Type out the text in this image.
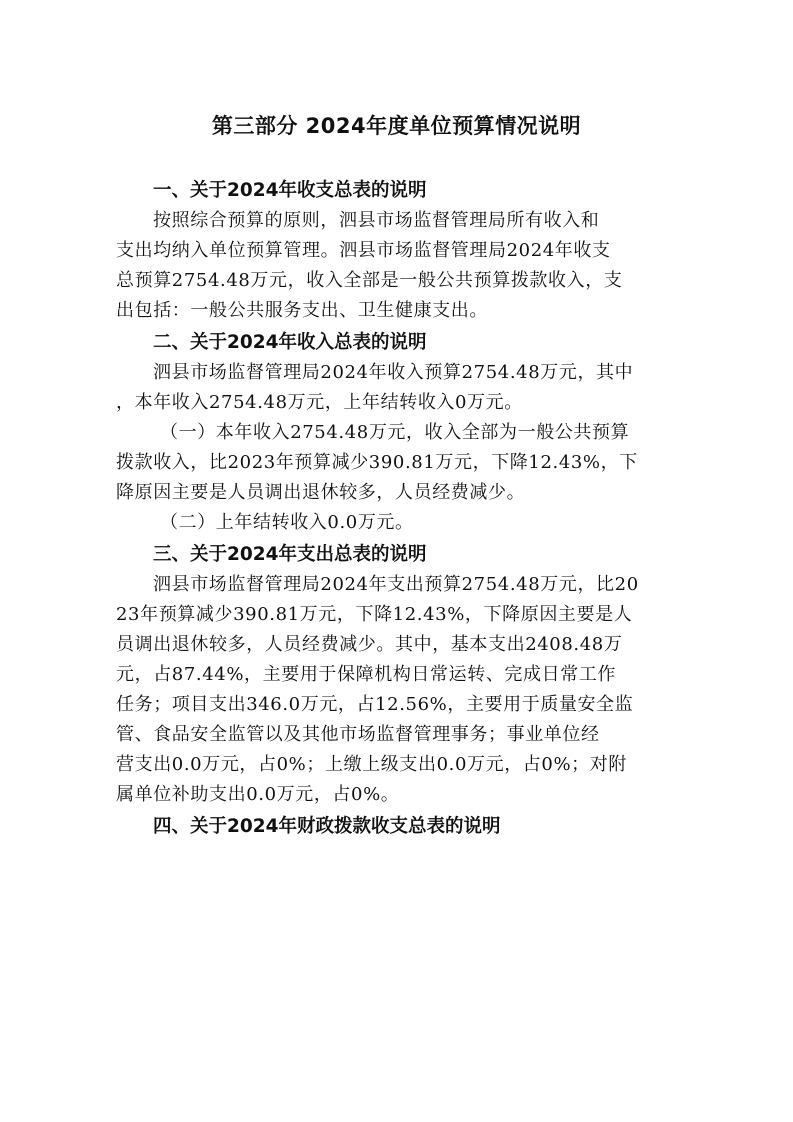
第三部分 2024年度单位预算情况说明
一、关于2024年收支总表的说明
按照综合预算的原则，泗县市场监督管理局所有收入和
支出均纳入单位预算管理。泗县市场监督管理局2024年收支
总预算2754.48万元，收入全部是一般公共预算拨款收入，支
出包括：一般公共服务支出、卫生健康支出。
二、关于2024年收入总表的说明
泗县市场监督管理局2024年收入预算2754.48万元，其中
，本年收入2754.48万元，上年结转收入0万元。
（一）本年收入2754.48万元，收入全部为一般公共预算
拨款收入，比2023年预算减少390.81万元，下降12.43%，下
降原因主要是人员调出退休较多，人员经费减少。
（二）上年结转收入0.0万元。
三、关于2024年支出总表的说明
泗县市场监督管理局2024年支出预算2754.48万元，比20
23年预算减少390.81万元，下降12.43%，下降原因主要是人
员调出退休较多，人员经费减少。其中，基本支出2408.48万
元，占87.44%，主要用于保障机构日常运转、完成日常工作
任务；项目支出346.0万元，占12.56%，主要用于质量安全监
管、食品安全监管以及其他市场监督管理事务；事业单位经
营支出0.0万元，占0%；上缴上级支出0.0万元，占0%；对附
属单位补助支出0.0万元，占0%。
四、关于2024年财政拨款收支总表的说明
